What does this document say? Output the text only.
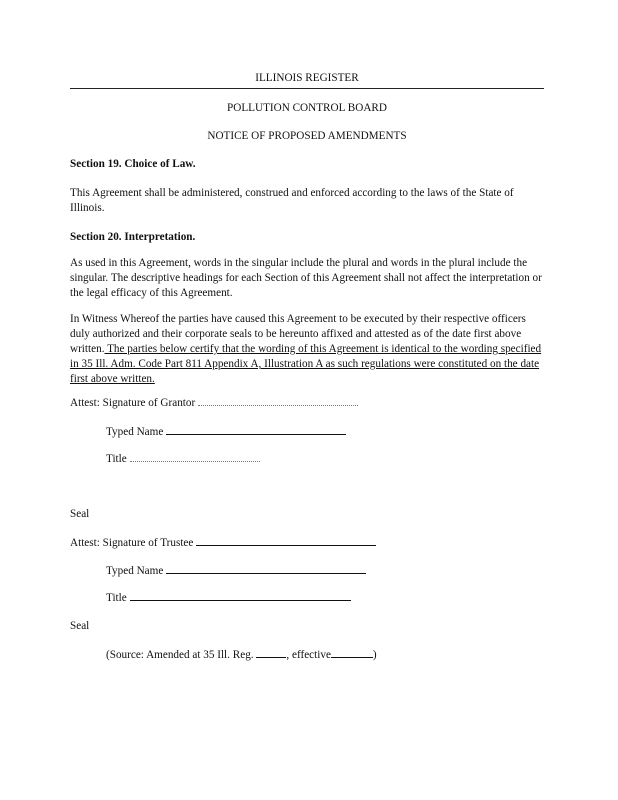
ILLINOIS REGISTER
POLLUTION CONTROL BOARD
NOTICE OF PROPOSED AMENDMENTS
Section 19. Choice of Law.
This Agreement shall be administered, construed and enforced according to the laws of the State of Illinois.
Section 20. Interpretation.
As used in this Agreement, words in the singular include the plural and words in the plural include the singular. The descriptive headings for each Section of this Agreement shall not affect the interpretation or the legal efficacy of this Agreement.
In Witness Whereof the parties have caused this Agreement to be executed by their respective officers duly authorized and their corporate seals to be hereunto affixed and attested as of the date first above written. The parties below certify that the wording of this Agreement is identical to the wording specified in 35 Ill. Adm. Code Part 811 Appendix A, Illustration A as such regulations were constituted on the date first above written.
Attest: Signature of Grantor
Typed Name
Title
Seal
Attest: Signature of Trustee
Typed Name
Title
Seal
(Source: Amended at 35 Ill. Reg.	, effective	)
